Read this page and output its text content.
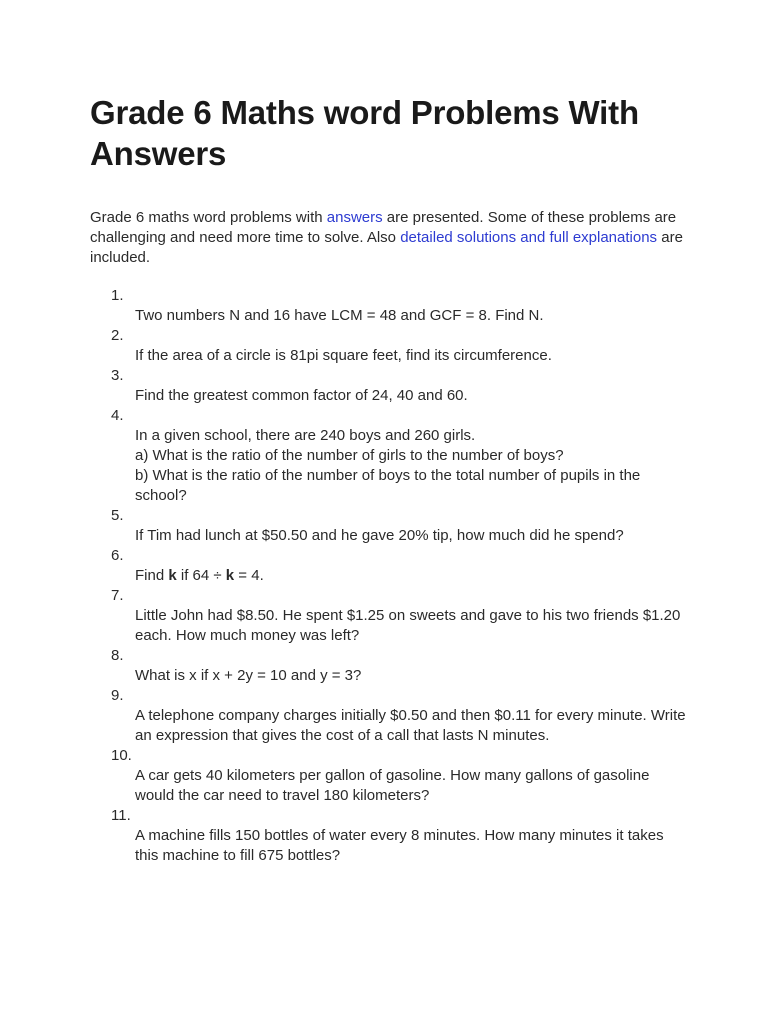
Grade 6 Maths word Problems With Answers

Grade 6 maths word problems with answers are presented. Some of these problems are challenging and need more time to solve. Also detailed solutions and full explanations are included.

1.
Two numbers N and 16 have LCM = 48 and GCF = 8. Find N.
2.
If the area of a circle is 81pi square feet, find its circumference.
3.
Find the greatest common factor of 24, 40 and 60.
4.
In a given school, there are 240 boys and 260 girls.
a) What is the ratio of the number of girls to the number of boys?
b) What is the ratio of the number of boys to the total number of pupils in the school?
5.
If Tim had lunch at $50.50 and he gave 20% tip, how much did he spend?
6.
Find k if 64 ÷ k = 4.
7.
Little John had $8.50. He spent $1.25 on sweets and gave to his two friends $1.20 each. How much money was left?
8.
What is x if x + 2y = 10 and y = 3?
9.
A telephone company charges initially $0.50 and then $0.11 for every minute. Write an expression that gives the cost of a call that lasts N minutes.
10.
A car gets 40 kilometers per gallon of gasoline. How many gallons of gasoline would the car need to travel 180 kilometers?
11.
A machine fills 150 bottles of water every 8 minutes. How many minutes it takes this machine to fill 675 bottles?
